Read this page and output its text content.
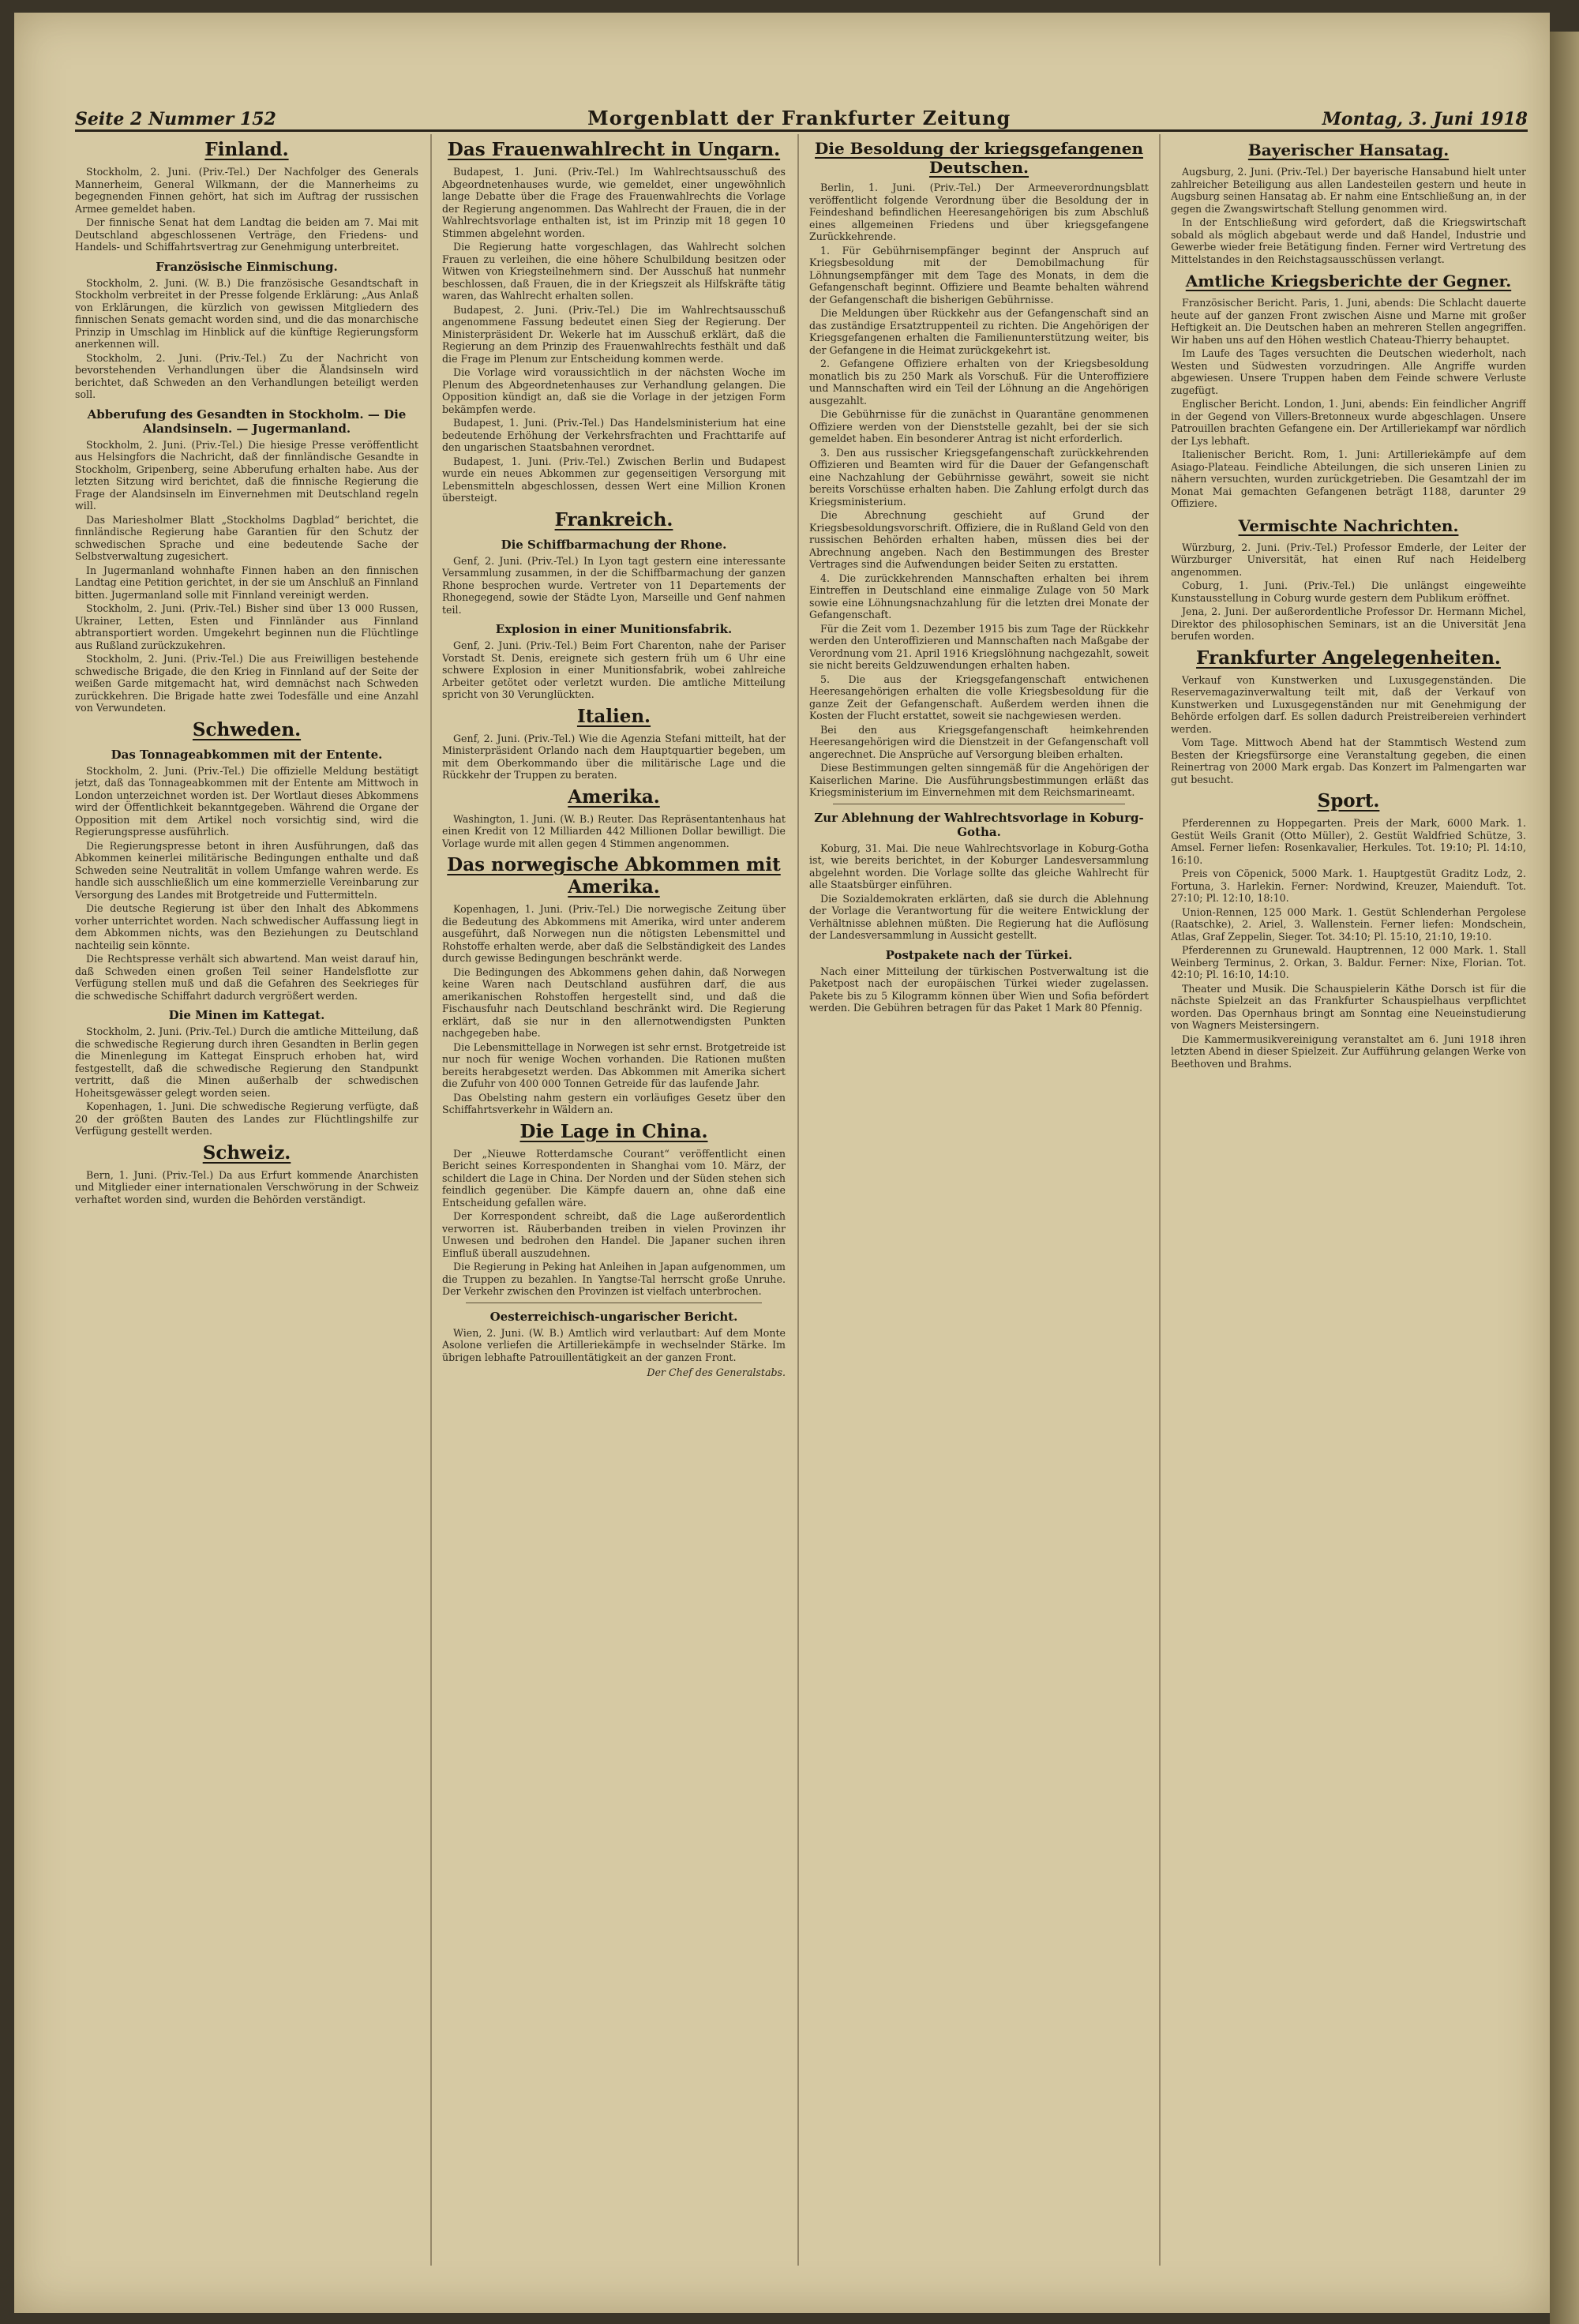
Seite 2 Nummer 152	Morgenblatt der Frankfurter Zeitung	Montag, 3. Juni 1918
Finland.

Stockholm, 2. Juni. (Priv.-Tel.) Der Nachfolger des Generals Mannerheim, General Wilkmann, der die Mannerheims zu begegnenden Finnen gehört, hat sich im Auftrag der russischen Armee gemeldet haben.

Der finnische Senat hat dem Landtag die beiden am 7. Mai mit Deutschland abgeschlossenen Verträge, den Friedens- und Handels- und Schiffahrtsvertrag zur Genehmigung unterbreitet.

Französische Einmischung.

Stockholm, 2. Juni. (W. B.) Die französische Gesandtschaft in Stockholm verbreitet in der Presse folgende Erklärung: „Aus Anlaß von Erklärungen, die kürzlich von gewissen Mitgliedern des finnischen Senats gemacht worden sind, und die das monarchische Prinzip in Umschlag im Hinblick auf die künftige Regierungsform anerkennen will.

Stockholm, 2. Juni. (Priv.-Tel.) Zu der Nachricht von bevorstehenden Verhandlungen über die Ålandsinseln wird berichtet, daß Schweden an den Verhandlungen beteiligt werden soll.

Abberufung des Gesandten in Stockholm. — Die Alandsinseln. — Jugermanland.

Stockholm, 2. Juni. (Priv.-Tel.) Die hiesige Presse veröffentlicht aus Helsingfors die Nachricht, daß der finnländische Gesandte in Stockholm, Gripenberg, seine Abberufung erhalten habe. Aus der letzten Sitzung wird berichtet, daß die finnische Regierung die Frage der Alandsinseln im Einvernehmen mit Deutschland regeln will.

Das Mariesholmer Blatt „Stockholms Dagblad“ berichtet, die finnländische Regierung habe Garantien für den Schutz der schwedischen Sprache und eine bedeutende Sache der Selbstverwaltung zugesichert.

In Jugermanland wohnhafte Finnen haben an den finnischen Landtag eine Petition gerichtet, in der sie um Anschluß an Finnland bitten. Jugermanland solle mit Finnland vereinigt werden.

Stockholm, 2. Juni. (Priv.-Tel.) Bisher sind über 13 000 Russen, Ukrainer, Letten, Esten und Finnländer aus Finnland abtransportiert worden. Umgekehrt beginnen nun die Flüchtlinge aus Rußland zurückzukehren.

Stockholm, 2. Juni. (Priv.-Tel.) Die aus Freiwilligen bestehende schwedische Brigade, die den Krieg in Finnland auf der Seite der weißen Garde mitgemacht hat, wird demnächst nach Schweden zurückkehren. Die Brigade hatte zwei Todesfälle und eine Anzahl von Verwundeten.

Schweden.
Das Tonnageabkommen mit der Entente.

Stockholm, 2. Juni. (Priv.-Tel.) Die offizielle Meldung bestätigt jetzt, daß das Tonnageabkommen mit der Entente am Mittwoch in London unterzeichnet worden ist. Der Wortlaut dieses Abkommens wird der Öffentlichkeit bekanntgegeben. Während die Organe der Opposition mit dem Artikel noch vorsichtig sind, wird die Regierungspresse ausführlich.

Die Regierungspresse betont in ihren Ausführungen, daß das Abkommen keinerlei militärische Bedingungen enthalte und daß Schweden seine Neutralität in vollem Umfange wahren werde. Es handle sich ausschließlich um eine kommerzielle Vereinbarung zur Versorgung des Landes mit Brotgetreide und Futtermitteln.

Die deutsche Regierung ist über den Inhalt des Abkommens vorher unterrichtet worden. Nach schwedischer Auffassung liegt in dem Abkommen nichts, was den Beziehungen zu Deutschland nachteilig sein könnte.

Die Rechtspresse verhält sich abwartend. Man weist darauf hin, daß Schweden einen großen Teil seiner Handelsflotte zur Verfügung stellen muß und daß die Gefahren des Seekrieges für die schwedische Schiffahrt dadurch vergrößert werden.

Die Minen im Kattegat.

Stockholm, 2. Juni. (Priv.-Tel.) Durch die amtliche Mitteilung, daß die schwedische Regierung durch ihren Gesandten in Berlin gegen die Minenlegung im Kattegat Einspruch erhoben hat, wird festgestellt, daß die schwedische Regierung den Standpunkt vertritt, daß die Minen außerhalb der schwedischen Hoheitsgewässer gelegt worden seien.

Kopenhagen, 1. Juni. Die schwedische Regierung verfügte, daß 20 der größten Bauten des Landes zur Flüchtlingshilfe zur Verfügung gestellt werden.

Schweiz.

Bern, 1. Juni. (Priv.-Tel.) Da aus Erfurt kommende Anarchisten und Mitglieder einer internationalen Verschwörung in der Schweiz verhaftet worden sind, wurden die Behörden verständigt.

Das Frauenwahlrecht in Ungarn.

Budapest, 1. Juni. (Priv.-Tel.) Im Wahlrechtsausschuß des Abgeordnetenhauses wurde, wie gemeldet, einer ungewöhnlich lange Debatte über die Frage des Frauenwahlrechts die Vorlage der Regierung angenommen. Das Wahlrecht der Frauen, die in der Wahlrechtsvorlage enthalten ist, ist im Prinzip mit 18 gegen 10 Stimmen abgelehnt worden.

Die Regierung hatte vorgeschlagen, das Wahlrecht solchen Frauen zu verleihen, die eine höhere Schulbildung besitzen oder Witwen von Kriegsteilnehmern sind. Der Ausschuß hat nunmehr beschlossen, daß Frauen, die in der Kriegszeit als Hilfskräfte tätig waren, das Wahlrecht erhalten sollen.

Budapest, 2. Juni. (Priv.-Tel.) Die im Wahlrechtsausschuß angenommene Fassung bedeutet einen Sieg der Regierung. Der Ministerpräsident Dr. Wekerle hat im Ausschuß erklärt, daß die Regierung an dem Prinzip des Frauenwahlrechts festhält und daß die Frage im Plenum zur Entscheidung kommen werde.

Die Vorlage wird voraussichtlich in der nächsten Woche im Plenum des Abgeordnetenhauses zur Verhandlung gelangen. Die Opposition kündigt an, daß sie die Vorlage in der jetzigen Form bekämpfen werde.

Budapest, 1. Juni. (Priv.-Tel.) Das Handelsministerium hat eine bedeutende Erhöhung der Verkehrsfrachten und Frachttarife auf den ungarischen Staatsbahnen verordnet.

Budapest, 1. Juni. (Priv.-Tel.) Zwischen Berlin und Budapest wurde ein neues Abkommen zur gegenseitigen Versorgung mit Lebensmitteln abgeschlossen, dessen Wert eine Million Kronen übersteigt.

Frankreich.
Die Schiffbarmachung der Rhone.

Genf, 2. Juni. (Priv.-Tel.) In Lyon tagt gestern eine interessante Versammlung zusammen, in der die Schiffbarmachung der ganzen Rhone besprochen wurde. Vertreter von 11 Departements der Rhonegegend, sowie der Städte Lyon, Marseille und Genf nahmen teil.

Explosion in einer Munitionsfabrik.

Genf, 2. Juni. (Priv.-Tel.) Beim Fort Charenton, nahe der Pariser Vorstadt St. Denis, ereignete sich gestern früh um 6 Uhr eine schwere Explosion in einer Munitionsfabrik, wobei zahlreiche Arbeiter getötet oder verletzt wurden. Die amtliche Mitteilung spricht von 30 Verunglückten.

Italien.

Genf, 2. Juni. (Priv.-Tel.) Wie die Agenzia Stefani mitteilt, hat der Ministerpräsident Orlando nach dem Hauptquartier begeben, um mit dem Oberkommando über die militärische Lage und die Rückkehr der Truppen zu beraten.

Amerika.

Washington, 1. Juni. (W. B.) Reuter. Das Repräsentantenhaus hat einen Kredit von 12 Milliarden 442 Millionen Dollar bewilligt. Die Vorlage wurde mit allen gegen 4 Stimmen angenommen.

Das norwegische Abkommen mit Amerika.

Kopenhagen, 1. Juni. (Priv.-Tel.) Die norwegische Zeitung über die Bedeutung des Abkommens mit Amerika, wird unter anderem ausgeführt, daß Norwegen nun die nötigsten Lebensmittel und Rohstoffe erhalten werde, aber daß die Selbständigkeit des Landes durch gewisse Bedingungen beschränkt werde.

Die Bedingungen des Abkommens gehen dahin, daß Norwegen keine Waren nach Deutschland ausführen darf, die aus amerikanischen Rohstoffen hergestellt sind, und daß die Fischausfuhr nach Deutschland beschränkt wird. Die Regierung erklärt, daß sie nur in den allernotwendigsten Punkten nachgegeben habe.

Die Lebensmittellage in Norwegen ist sehr ernst. Brotgetreide ist nur noch für wenige Wochen vorhanden. Die Rationen mußten bereits herabgesetzt werden. Das Abkommen mit Amerika sichert die Zufuhr von 400 000 Tonnen Getreide für das laufende Jahr.

Das Obelsting nahm gestern ein vorläufiges Gesetz über den Schiffahrtsverkehr in Wäldern an.

Die Lage in China.

Der „Nieuwe Rotterdamsche Courant“ veröffentlicht einen Bericht seines Korrespondenten in Shanghai vom 10. März, der schildert die Lage in China. Der Norden und der Süden stehen sich feindlich gegenüber. Die Kämpfe dauern an, ohne daß eine Entscheidung gefallen wäre.

Der Korrespondent schreibt, daß die Lage außerordentlich verworren ist. Räuberbanden treiben in vielen Provinzen ihr Unwesen und bedrohen den Handel. Die Japaner suchen ihren Einfluß überall auszudehnen.

Die Regierung in Peking hat Anleihen in Japan aufgenommen, um die Truppen zu bezahlen. In Yangtse-Tal herrscht große Unruhe. Der Verkehr zwischen den Provinzen ist vielfach unterbrochen.

Oesterreichisch-ungarischer Bericht.

Wien, 2. Juni. (W. B.) Amtlich wird verlautbart: Auf dem Monte Asolone verliefen die Artilleriekämpfe in wechselnder Stärke. Im übrigen lebhafte Patrouillentätigkeit an der ganzen Front.

Der Chef des Generalstabs.
Die Besoldung der kriegsgefangenen Deutschen.

Berlin, 1. Juni. (Priv.-Tel.) Der Armeeverordnungsblatt veröffentlicht folgende Verordnung über die Besoldung der in Feindeshand befindlichen Heeresangehörigen bis zum Abschluß eines allgemeinen Friedens und über kriegsgefangene Zurückkehrende.

1. Für Gebührnisempfänger beginnt der Anspruch auf Kriegsbesoldung mit der Demobilmachung für Löhnungsempfänger mit dem Tage des Monats, in dem die Gefangenschaft beginnt. Offiziere und Beamte behalten während der Gefangenschaft die bisherigen Gebührnisse.

Die Meldungen über Rückkehr aus der Gefangenschaft sind an das zuständige Ersatztruppenteil zu richten. Die Angehörigen der Kriegsgefangenen erhalten die Familienunterstützung weiter, bis der Gefangene in die Heimat zurückgekehrt ist.

2. Gefangene Offiziere erhalten von der Kriegsbesoldung monatlich bis zu 250 Mark als Vorschuß. Für die Unteroffiziere und Mannschaften wird ein Teil der Löhnung an die Angehörigen ausgezahlt.

Die Gebührnisse für die zunächst in Quarantäne genommenen Offiziere werden von der Dienststelle gezahlt, bei der sie sich gemeldet haben. Ein besonderer Antrag ist nicht erforderlich.

3. Den aus russischer Kriegsgefangenschaft zurückkehrenden Offizieren und Beamten wird für die Dauer der Gefangenschaft eine Nachzahlung der Gebührnisse gewährt, soweit sie nicht bereits Vorschüsse erhalten haben. Die Zahlung erfolgt durch das Kriegsministerium.

Die Abrechnung geschieht auf Grund der Kriegsbesoldungsvorschrift. Offiziere, die in Rußland Geld von den russischen Behörden erhalten haben, müssen dies bei der Abrechnung angeben. Nach den Bestimmungen des Brester Vertrages sind die Aufwendungen beider Seiten zu erstatten.

4. Die zurückkehrenden Mannschaften erhalten bei ihrem Eintreffen in Deutschland eine einmalige Zulage von 50 Mark sowie eine Löhnungsnachzahlung für die letzten drei Monate der Gefangenschaft.

Für die Zeit vom 1. Dezember 1915 bis zum Tage der Rückkehr werden den Unteroffizieren und Mannschaften nach Maßgabe der Verordnung vom 21. April 1916 Kriegslöhnung nachgezahlt, soweit sie nicht bereits Geldzuwendungen erhalten haben.

5. Die aus der Kriegsgefangenschaft entwichenen Heeresangehörigen erhalten die volle Kriegsbesoldung für die ganze Zeit der Gefangenschaft. Außerdem werden ihnen die Kosten der Flucht erstattet, soweit sie nachgewiesen werden.

Bei den aus Kriegsgefangenschaft heimkehrenden Heeresangehörigen wird die Dienstzeit in der Gefangenschaft voll angerechnet. Die Ansprüche auf Versorgung bleiben erhalten.

Diese Bestimmungen gelten sinngemäß für die Angehörigen der Kaiserlichen Marine. Die Ausführungsbestimmungen erläßt das Kriegsministerium im Einvernehmen mit dem Reichsmarineamt.

Zur Ablehnung der Wahlrechtsvorlage in Koburg-Gotha.

Koburg, 31. Mai. Die neue Wahlrechtsvorlage in Koburg-Gotha ist, wie bereits berichtet, in der Koburger Landesversammlung abgelehnt worden. Die Vorlage sollte das gleiche Wahlrecht für alle Staatsbürger einführen.

Die Sozialdemokraten erklärten, daß sie durch die Ablehnung der Vorlage die Verantwortung für die weitere Entwicklung der Verhältnisse ablehnen müßten. Die Regierung hat die Auflösung der Landesversammlung in Aussicht gestellt.

Postpakete nach der Türkei.

Nach einer Mitteilung der türkischen Postverwaltung ist die Paketpost nach der europäischen Türkei wieder zugelassen. Pakete bis zu 5 Kilogramm können über Wien und Sofia befördert werden. Die Gebühren betragen für das Paket 1 Mark 80 Pfennig.

Bayerischer Hansatag.

Augsburg, 2. Juni. (Priv.-Tel.) Der bayerische Hansabund hielt unter zahlreicher Beteiligung aus allen Landesteilen gestern und heute in Augsburg seinen Hansatag ab. Er nahm eine Entschließung an, in der gegen die Zwangswirtschaft Stellung genommen wird.

In der Entschließung wird gefordert, daß die Kriegswirtschaft sobald als möglich abgebaut werde und daß Handel, Industrie und Gewerbe wieder freie Betätigung finden. Ferner wird Vertretung des Mittelstandes in den Reichstagsausschüssen verlangt.

Amtliche Kriegsberichte der Gegner.

Französischer Bericht. Paris, 1. Juni, abends: Die Schlacht dauerte heute auf der ganzen Front zwischen Aisne und Marne mit großer Heftigkeit an. Die Deutschen haben an mehreren Stellen angegriffen. Wir haben uns auf den Höhen westlich Chateau-Thierry behauptet.

Im Laufe des Tages versuchten die Deutschen wiederholt, nach Westen und Südwesten vorzudringen. Alle Angriffe wurden abgewiesen. Unsere Truppen haben dem Feinde schwere Verluste zugefügt.

Englischer Bericht. London, 1. Juni, abends: Ein feindlicher Angriff in der Gegend von Villers-Bretonneux wurde abgeschlagen. Unsere Patrouillen brachten Gefangene ein. Der Artilleriekampf war nördlich der Lys lebhaft.

Italienischer Bericht. Rom, 1. Juni: Artilleriekämpfe auf dem Asiago-Plateau. Feindliche Abteilungen, die sich unseren Linien zu nähern versuchten, wurden zurückgetrieben. Die Gesamtzahl der im Monat Mai gemachten Gefangenen beträgt 1188, darunter 29 Offiziere.

Vermischte Nachrichten.

Würzburg, 2. Juni. (Priv.-Tel.) Professor Emderle, der Leiter der Würzburger Universität, hat einen Ruf nach Heidelberg angenommen.

Coburg, 1. Juni. (Priv.-Tel.) Die unlängst eingeweihte Kunstausstellung in Coburg wurde gestern dem Publikum eröffnet.

Jena, 2. Juni. Der außerordentliche Professor Dr. Hermann Michel, Direktor des philosophischen Seminars, ist an die Universität Jena berufen worden.

Frankfurter Angelegenheiten.

Verkauf von Kunstwerken und Luxusgegenständen. Die Reservemagazinverwaltung teilt mit, daß der Verkauf von Kunstwerken und Luxusgegenständen nur mit Genehmigung der Behörde erfolgen darf. Es sollen dadurch Preistreibereien verhindert werden.

Vom Tage. Mittwoch Abend hat der Stammtisch Westend zum Besten der Kriegsfürsorge eine Veranstaltung gegeben, die einen Reinertrag von 2000 Mark ergab. Das Konzert im Palmengarten war gut besucht.

Sport.

Pferderennen zu Hoppegarten. Preis der Mark, 6000 Mark. 1. Gestüt Weils Granit (Otto Müller), 2. Gestüt Waldfried Schütze, 3. Amsel. Ferner liefen: Rosenkavalier, Herkules. Tot. 19:10; Pl. 14:10, 16:10.

Preis von Cöpenick, 5000 Mark. 1. Hauptgestüt Graditz Lodz, 2. Fortuna, 3. Harlekin. Ferner: Nordwind, Kreuzer, Maienduft. Tot. 27:10; Pl. 12:10, 18:10.

Union-Rennen, 125 000 Mark. 1. Gestüt Schlenderhan Pergolese (Raatschke), 2. Ariel, 3. Wallenstein. Ferner liefen: Mondschein, Atlas, Graf Zeppelin, Sieger. Tot. 34:10; Pl. 15:10, 21:10, 19:10.

Pferderennen zu Grunewald. Hauptrennen, 12 000 Mark. 1. Stall Weinberg Terminus, 2. Orkan, 3. Baldur. Ferner: Nixe, Florian. Tot. 42:10; Pl. 16:10, 14:10.

Theater und Musik. Die Schauspielerin Käthe Dorsch ist für die nächste Spielzeit an das Frankfurter Schauspielhaus verpflichtet worden. Das Opernhaus bringt am Sonntag eine Neueinstudierung von Wagners Meistersingern.

Die Kammermusikvereinigung veranstaltet am 6. Juni 1918 ihren letzten Abend in dieser Spielzeit. Zur Aufführung gelangen Werke von Beethoven und Brahms.
